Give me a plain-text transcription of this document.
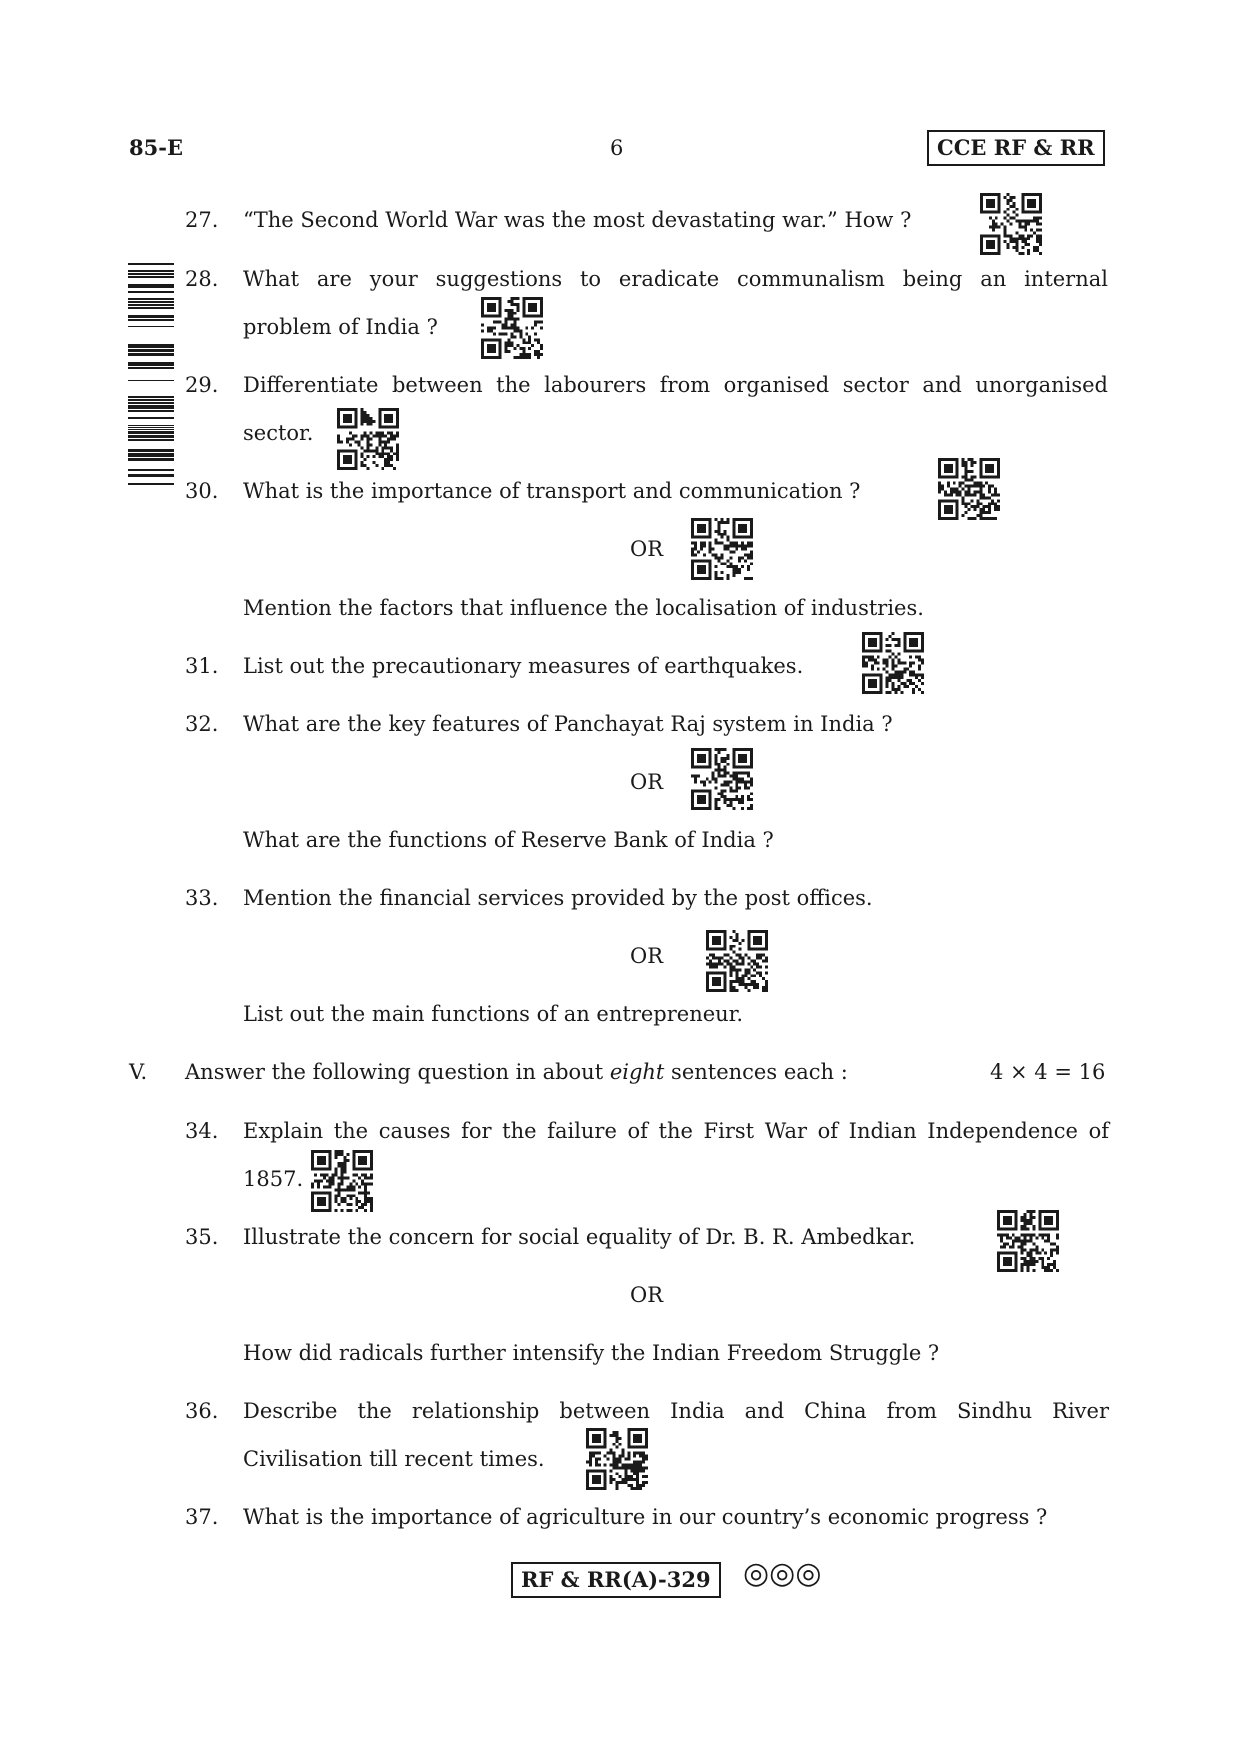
85-E	6	CCE RF & RR
27.	“The Second World War was the most devastating war.” How ?
28.	What are your suggestions to eradicate communalism being an internal
problem of India ?
29.	Differentiate between the labourers from organised sector and unorganised
sector.
30.	What is the importance of transport and communication ?
OR
Mention the factors that influence the localisation of industries.
31.	List out the precautionary measures of earthquakes.
32.	What are the key features of Panchayat Raj system in India ?
OR
What are the functions of Reserve Bank of India ?
33.	Mention the financial services provided by the post offices.
OR
List out the main functions of an entrepreneur.
V. Answer the following question in about eight sentences each :	4 × 4 = 16
34.	Explain the causes for the failure of the First War of Indian Independence of
1857.
35.	Illustrate the concern for social equality of Dr. B. R. Ambedkar.
OR
How did radicals further intensify the Indian Freedom Struggle ?
36.	Describe the relationship between India and China from Sindhu River
Civilisation till recent times.
37.	What is the importance of agriculture in our country’s economic progress ?
RF & RR(A)-329	◎◎◎
